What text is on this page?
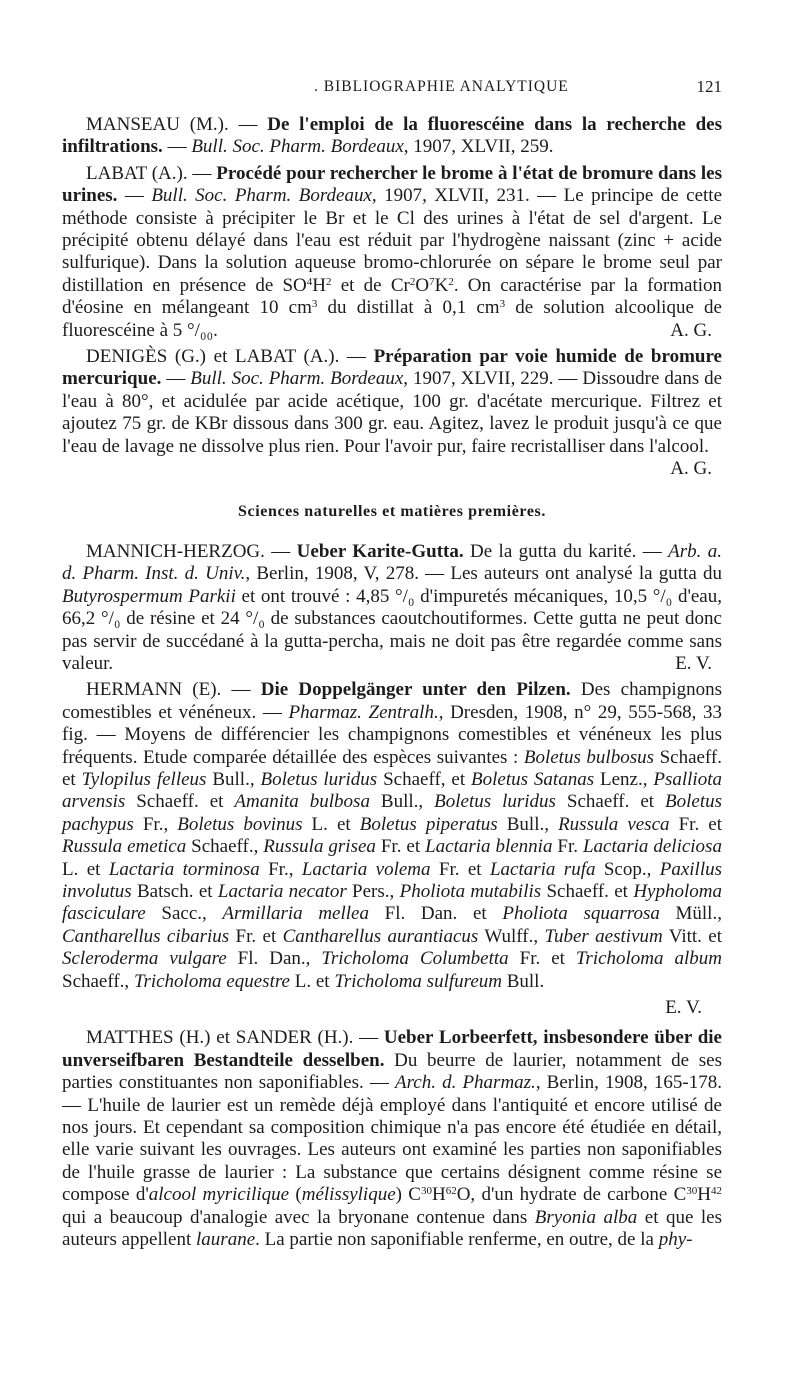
. BIBLIOGRAPHIE ANALYTIQUE	121

MANSEAU (M.). — De l'emploi de la fluorescéine dans la recherche des infiltrations. — Bull. Soc. Pharm. Bordeaux, 1907, XLVII, 259.

LABAT (A.). — Procédé pour rechercher le brome à l'état de bromure dans les urines. — Bull. Soc. Pharm. Bordeaux, 1907, XLVII, 231. — Le principe de cette méthode consiste à précipiter le Br et le Cl des urines à l'état de sel d'argent. Le précipité obtenu délayé dans l'eau est réduit par l'hydrogène naissant (zinc + acide sulfurique). Dans la solution aqueuse bromo-chlorurée on sépare le brome seul par distillation en présence de $SO^4H^2$ et de $Cr^2O^7K^2$. On caractérise par la formation d'éosine en mélangeant 10 $cm^3$ du distillat à 0,1 $cm^3$ de solution alcoolique de fluorescéine à 5 °/₀₀.	A. G.

DENIGÈS (G.) et LABAT (A.). — Préparation par voie humide de bromure mercurique. — Bull. Soc. Pharm. Bordeaux, 1907, XLVII, 229. — Dissoudre dans de l'eau à 80°, et acidulée par acide acétique, 100 gr. d'acétate mercurique. Filtrez et ajoutez 75 gr. de KBr dissous dans 300 gr. eau. Agitez, lavez le produit jusqu'à ce que l'eau de lavage ne dissolve plus rien. Pour l'avoir pur, faire recristalliser dans l'alcool.
A. G.

Sciences naturelles et matières premières.

MANNICH-HERZOG. — Ueber Karite-Gutta. De la gutta du karité. — Arb. a. d. Pharm. Inst. d. Univ., Berlin, 1908, V, 278. — Les auteurs ont analysé la gutta du Butyrospermum Parkii et ont trouvé : 4,85 °/₀ d'impuretés mécaniques, 10,5 °/₀ d'eau, 66,2 °/₀ de résine et 24 °/₀ de substances caoutchoutiformes. Cette gutta ne peut donc pas servir de succédané à la gutta-percha, mais ne doit pas être regardée comme sans valeur.	E. V.

HERMANN (E). — Die Doppelgänger unter den Pilzen. Des champignons comestibles et vénéneux. — Pharmaz. Zentralh., Dresden, 1908, n° 29, 555-568, 33 fig. — Moyens de différencier les champignons comestibles et vénéneux les plus fréquents. Etude comparée détaillée des espèces suivantes : Boletus bulbosus Schaeff. et Tylopilus felleus Bull., Boletus luridus Schaeff, et Boletus Satanas Lenz., Psalliota arvensis Schaeff. et Amanita bulbosa Bull., Boletus luridus Schaeff. et Boletus pachypus Fr., Boletus bovinus L. et Boletus piperatus Bull., Russula vesca Fr. et Russula emetica Schaeff., Russula grisea Fr. et Lactaria blennia Fr. Lactaria deliciosa L. et Lactaria torminosa Fr., Lactaria volema Fr. et Lactaria rufa Scop., Paxillus involutus Batsch. et Lactaria necator Pers., Pholiota mutabilis Schaeff. et Hypholoma fasciculare Sacc., Armillaria mellea Fl. Dan. et Pholiota squarrosa Müll., Cantharellus cibarius Fr. et Cantharellus aurantiacus Wulff., Tuber aestivum Vitt. et Scleroderma vulgare Fl. Dan., Tricholoma Columbetta Fr. et Tricholoma album Schaeff., Tricholoma equestre L. et Tricholoma sulfureum Bull.

E. V.

MATTHES (H.) et SANDER (H.). — Ueber Lorbeerfett, insbesondere über die unverseifbaren Bestandteile desselben. Du beurre de laurier, notamment de ses parties constituantes non saponifiables. — Arch. d. Pharmaz., Berlin, 1908, 165-178. — L'huile de laurier est un remède déjà employé dans l'antiquité et encore utilisé de nos jours. Et cependant sa composition chimique n'a pas encore été étudiée en détail, elle varie suivant les ouvrages. Les auteurs ont examiné les parties non saponifiables de l'huile grasse de laurier : La substance que certains désignent comme résine se compose d'alcool myricilique (mélissylique) $C^{30}H^{62}O$, d'un hydrate de carbone $C^{30}H^{42}$ qui a beaucoup d'analogie avec la bryonane contenue dans Bryonia alba et que les auteurs appellent laurane. La partie non saponifiable renferme, en outre, de la phy-
